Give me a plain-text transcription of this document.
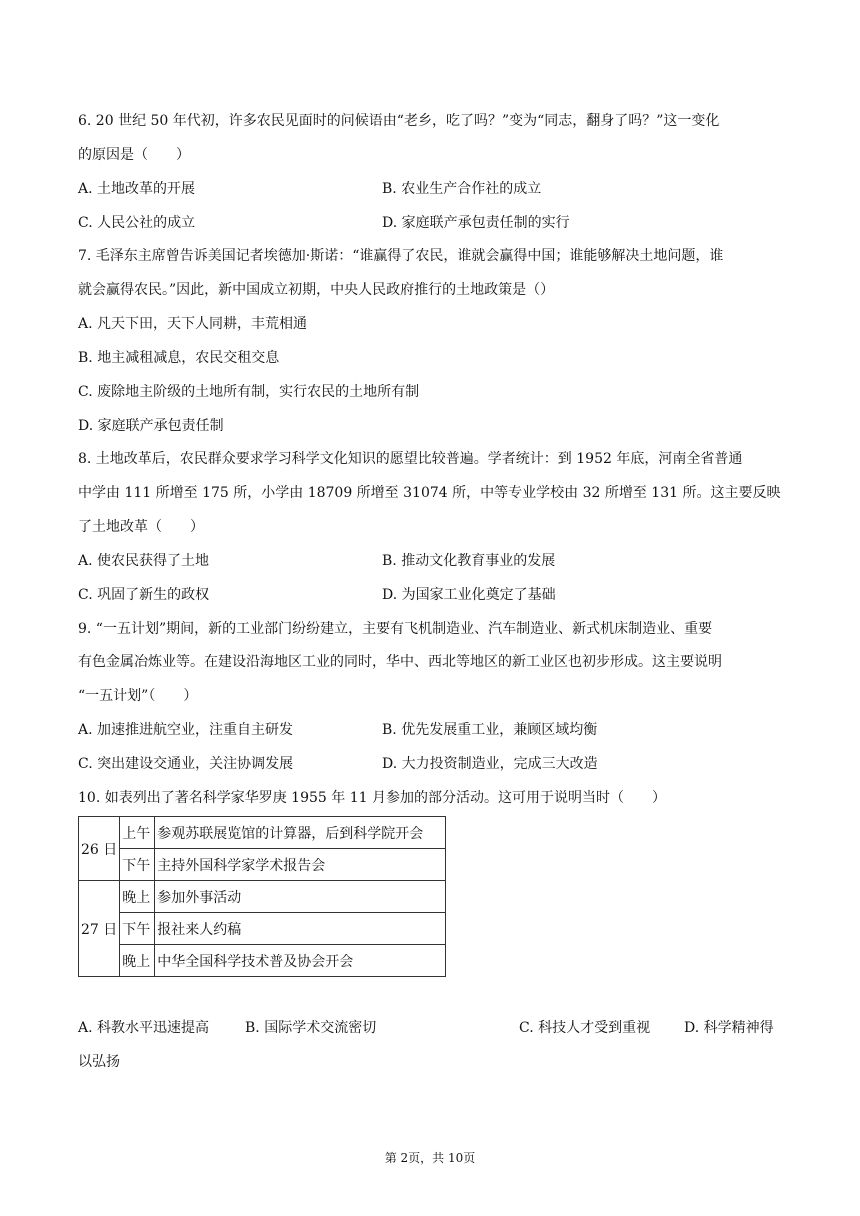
6. 20 世纪 50 年代初，许多农民见面时的问候语由“老乡，吃了吗？”变为“同志，翻身了吗？”这一变化
的原因是（　　）
A. 土地改革的开展	B. 农业生产合作社的成立
C. 人民公社的成立	D. 家庭联产承包责任制的实行
7. 毛泽东主席曾告诉美国记者埃德加·斯诺：“谁赢得了农民，谁就会赢得中国；谁能够解决土地问题，谁
就会赢得农民。”因此，新中国成立初期，中央人民政府推行的土地政策是（）
A. 凡天下田，天下人同耕，丰荒相通
B. 地主减租减息，农民交租交息
C. 废除地主阶级的土地所有制，实行农民的土地所有制
D. 家庭联产承包责任制
8. 土地改革后，农民群众要求学习科学文化知识的愿望比较普遍。学者统计：到 1952 年底，河南全省普通
中学由 111 所增至 175 所，小学由 18709 所增至 31074 所，中等专业学校由 32 所增至 131 所。这主要反映
了土地改革（　　）
A. 使农民获得了土地	B. 推动文化教育事业的发展
C. 巩固了新生的政权	D. 为国家工业化奠定了基础
9. “一五计划”期间，新的工业部门纷纷建立，主要有飞机制造业、汽车制造业、新式机床制造业、重要
有色金属冶炼业等。在建设沿海地区工业的同时，华中、西北等地区的新工业区也初步形成。这主要说明
“一五计划”（　　）
A. 加速推进航空业，注重自主研发	B. 优先发展重工业，兼顾区域均衡
C. 突出建设交通业，关注协调发展	D. 大力投资制造业，完成三大改造
10. 如表列出了著名科学家华罗庚 1955 年 11 月参加的部分活动。这可用于说明当时（　　）
26 日	上午	参观苏联展览馆的计算器，后到科学院开会
	下午	主持外国科学家学术报告会
27 日	晚上	参加外事活动
	下午	报社来人约稿
	晚上	中华全国科学技术普及协会开会
A. 科教水平迅速提高	B. 国际学术交流密切	C. 科技人才受到重视 D. 科学精神得
以弘扬
第 2页，共 10页
